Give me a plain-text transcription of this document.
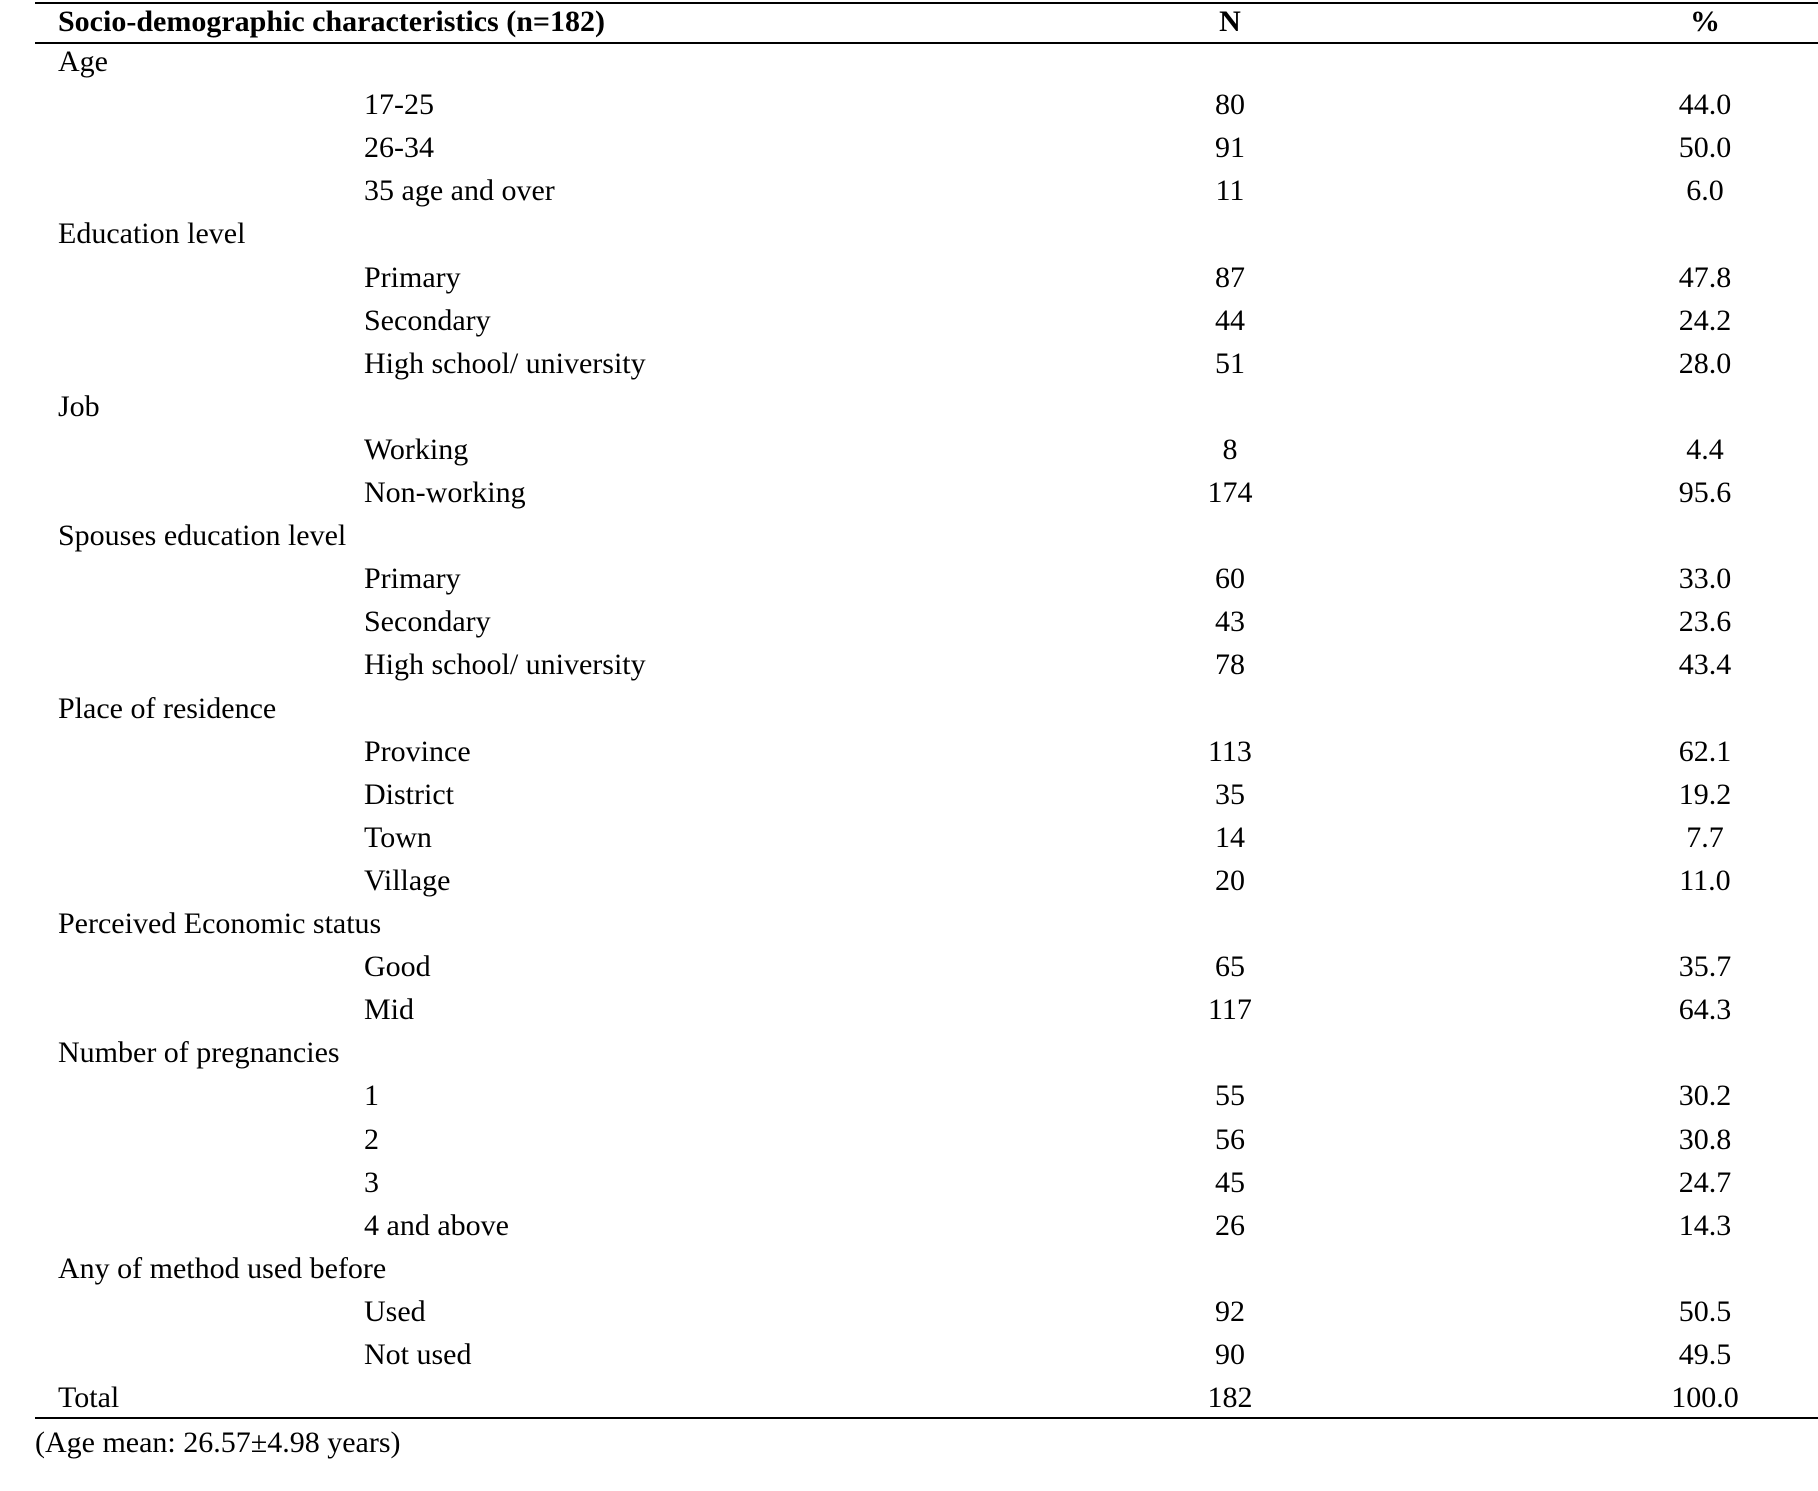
Socio-demographic characteristics (n=182)	N	%
Age
17-25	80	44.0
26-34	91	50.0
35 age and over	11	6.0
Education level
Primary	87	47.8
Secondary	44	24.2
High school/ university	51	28.0
Job
Working	8	4.4
Non-working	174	95.6
Spouses education level
Primary	60	33.0
Secondary	43	23.6
High school/ university	78	43.4
Place of residence
Province	113	62.1
District	35	19.2
Town	14	7.7
Village	20	11.0
Perceived Economic status
Good	65	35.7
Mid	117	64.3
Number of pregnancies
1	55	30.2
2	56	30.8
3	45	24.7
4 and above	26	14.3
Any of method used before
Used	92	50.5
Not used	90	49.5
Total	182	100.0
(Age mean: 26.57±4.98 years)
